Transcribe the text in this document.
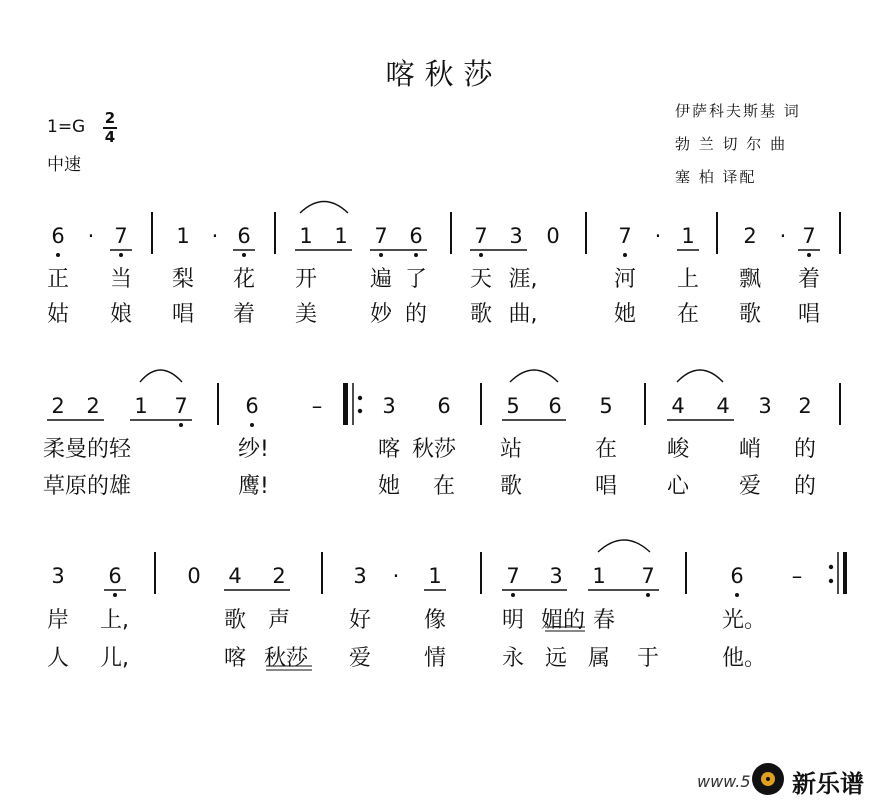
喀秋莎
1=G 2
4
中速
伊萨科夫斯基 词
勃 兰 切 尔 曲
塞 柏 译配
6	· 7 1	· 6 1 1 7 6 7 3 0	7	· 1 2	· 7
正 当 梨 花 开 遍 了 天 涯,	河 上 飘 着
姑 娘 唱 着 美 妙 的 歌 曲,	她 在 歌 唱
2 2 1 7	6	–	3 6	5 6 5	4 4 3 2
柔曼的轻	纱!	喀 秋莎	站	在 峻 峭 的
草原的雄	鹰!	她 在 歌	唱 心 爱 的
3 6	0 4 2	3	·	1	7 3 1 7	6 –
岸 上,	歌 声	好 像	明 媚的 春	光。
人 儿,	喀 秋莎	爱 情	永 远 属 于	他。
www.5 新乐谱
